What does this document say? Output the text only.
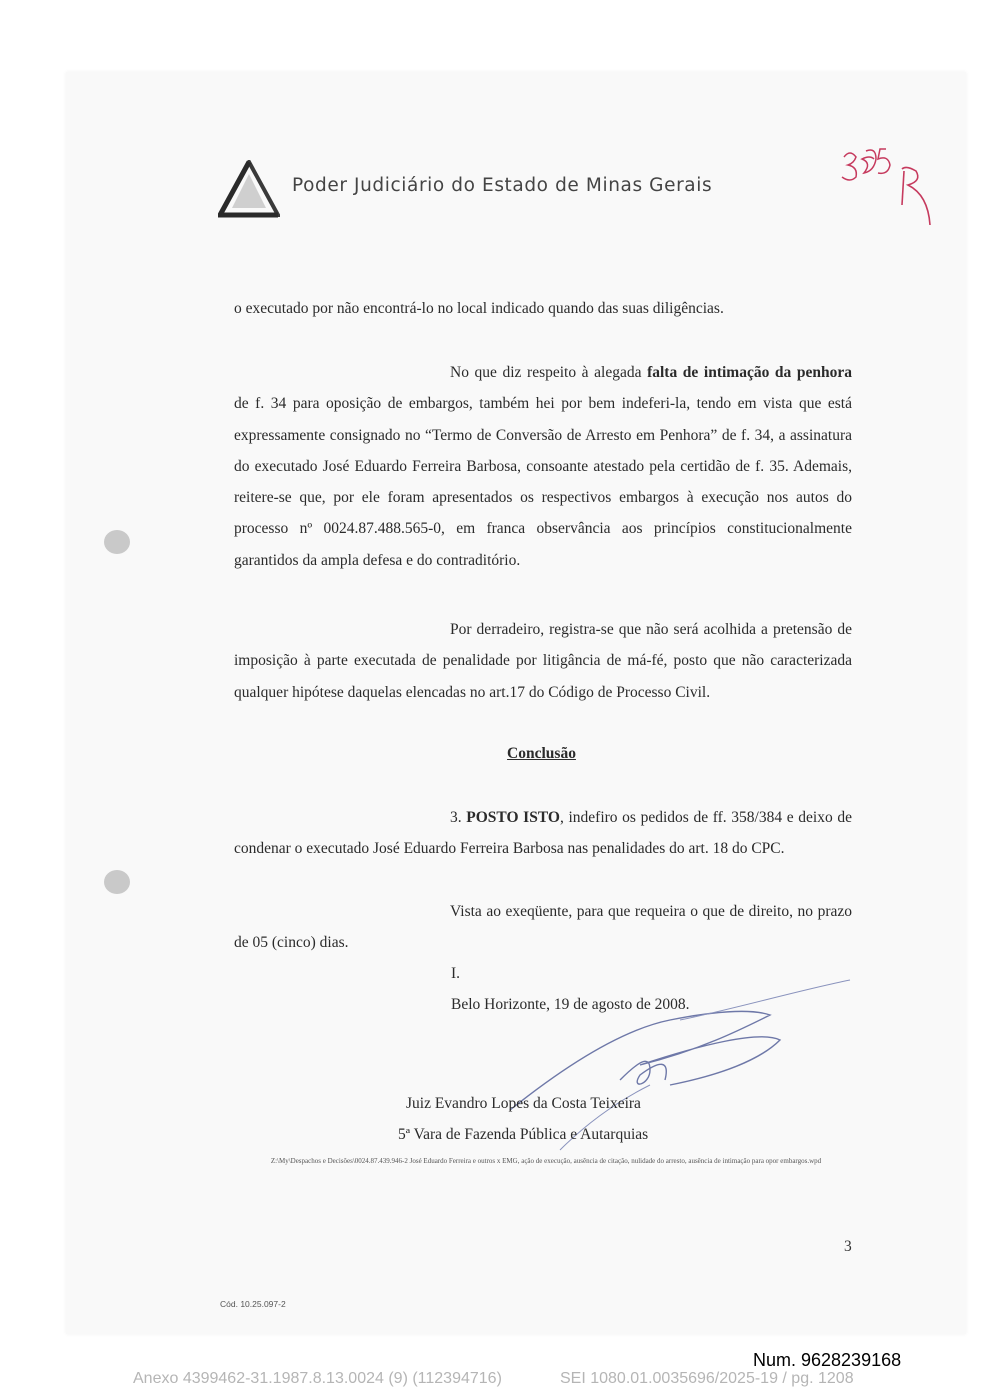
Poder Judiciário do Estado de Minas Gerais
o executado por não encontrá-lo no local indicado quando das suas diligências.

No que diz respeito à alegada falta de intimação da penhora de f. 34 para oposição de embargos, também hei por bem indeferi-la, tendo em vista que está expressamente consignado no “Termo de Conversão de Arresto em Penhora” de f. 34, a assinatura do executado José Eduardo Ferreira Barbosa, consoante atestado pela certidão de f. 35. Ademais, reitere-se que, por ele foram apresentados os respectivos embargos à execução nos autos do processo nº 0024.87.488.565-0, em franca observância aos princípios constitucionalmente garantidos da ampla defesa e do contraditório.

Por derradeiro, registra-se que não será acolhida a pretensão de imposição à parte executada de penalidade por litigância de má-fé, posto que não caracterizada qualquer hipótese daquelas elencadas no art.17 do Código de Processo Civil.

Conclusão

3. POSTO ISTO, indefiro os pedidos de ff. 358/384 e deixo de condenar o executado José Eduardo Ferreira Barbosa nas penalidades do art. 18 do CPC.

Vista ao exeqüente, para que requeira o que de direito, no prazo de 05 (cinco) dias.

I.
Belo Horizonte, 19 de agosto de 2008.
Juiz Evandro Lopes da Costa Teixeira
5ª Vara de Fazenda Pública e Autarquias
Z:\My\Despachos e Decisões\0024.87.439.946-2 José Eduardo Ferreira e outros x EMG, ação de execução, ausência de citação, nulidade do arresto, ausência de intimação para opor embargos.wpd
3
Cód. 10.25.097-2
Num. 9628239168
Anexo 4399462-31.1987.8.13.0024 (9) (112394716)	SEI 1080.01.0035696/2025-19 / pg. 1208
